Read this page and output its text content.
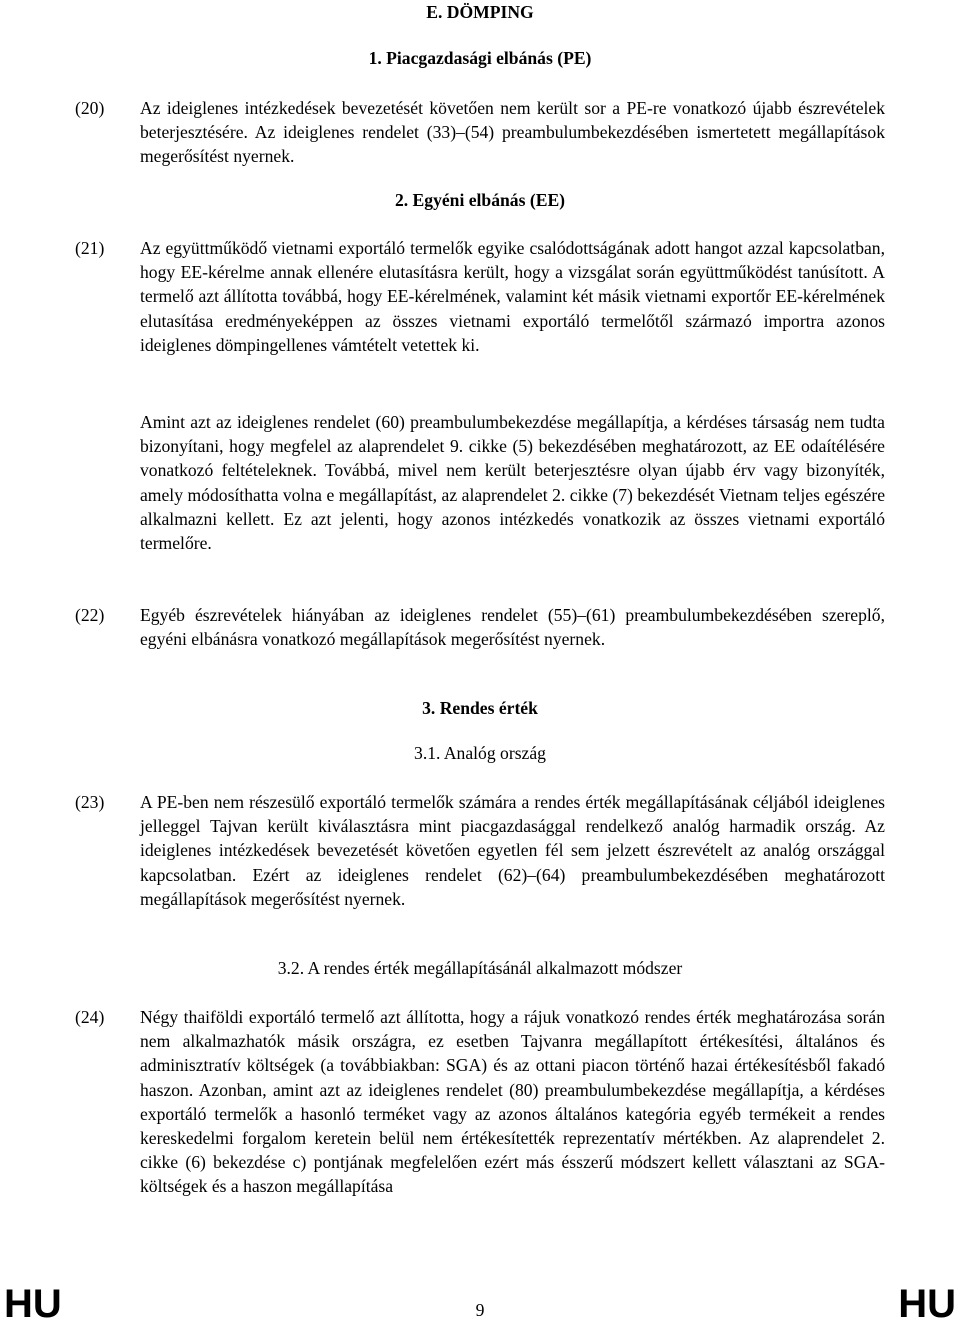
E. DÖMPING

1. Piacgazdasági elbánás (PE)

(20) Az ideiglenes intézkedések bevezetését követően nem került sor a PE-re vonatkozó újabb észrevételek beterjesztésére. Az ideiglenes rendelet (33)–(54) preambulumbekezdésében ismertetett megállapítások megerősítést nyernek.

2. Egyéni elbánás (EE)

(21) Az együttműködő vietnami exportáló termelők egyike csalódottságának adott hangot azzal kapcsolatban, hogy EE-kérelme annak ellenére elutasításra került, hogy a vizsgálat során együttműködést tanúsított. A termelő azt állította továbbá, hogy EE-kérelmének, valamint két másik vietnami exportőr EE-kérelmének elutasítása eredményeképpen az összes vietnami exportáló termelőtől származó importra azonos ideiglenes dömpingellenes vámtételt vetettek ki.

Amint azt az ideiglenes rendelet (60) preambulumbekezdése megállapítja, a kérdéses társaság nem tudta bizonyítani, hogy megfelel az alaprendelet 9. cikke (5) bekezdésében meghatározott, az EE odaítélésére vonatkozó feltételeknek. Továbbá, mivel nem került beterjesztésre olyan újabb érv vagy bizonyíték, amely módosíthatta volna e megállapítást, az alaprendelet 2. cikke (7) bekezdését Vietnam teljes egészére alkalmazni kellett. Ez azt jelenti, hogy azonos intézkedés vonatkozik az összes vietnami exportáló termelőre.

(22) Egyéb észrevételek hiányában az ideiglenes rendelet (55)–(61) preambulumbekezdésében szereplő, egyéni elbánásra vonatkozó megállapítások megerősítést nyernek.

3. Rendes érték

3.1. Analóg ország

(23) A PE-ben nem részesülő exportáló termelők számára a rendes érték megállapításának céljából ideiglenes jelleggel Tajvan került kiválasztásra mint piacgazdasággal rendelkező analóg harmadik ország. Az ideiglenes intézkedések bevezetését követően egyetlen fél sem jelzett észrevételt az analóg országgal kapcsolatban. Ezért az ideiglenes rendelet (62)–(64) preambulumbekezdésében meghatározott megállapítások megerősítést nyernek.

3.2. A rendes érték megállapításánál alkalmazott módszer

(24) Négy thaiföldi exportáló termelő azt állította, hogy a rájuk vonatkozó rendes érték meghatározása során nem alkalmazhatók másik országra, ez esetben Tajvanra megállapított értékesítési, általános és adminisztratív költségek (a továbbiakban: SGA) és az ottani piacon történő hazai értékesítésből fakadó haszon. Azonban, amint azt az ideiglenes rendelet (80) preambulumbekezdése megállapítja, a kérdéses exportáló termelők a hasonló terméket vagy az azonos általános kategória egyéb termékeit a rendes kereskedelmi forgalom keretein belül nem értékesítették reprezentatív mértékben. Az alaprendelet 2. cikke (6) bekezdése c) pontjának megfelelően ezért más ésszerű módszert kellett választani az SGA-költségek és a haszon megállapítása

HU	9	HU
